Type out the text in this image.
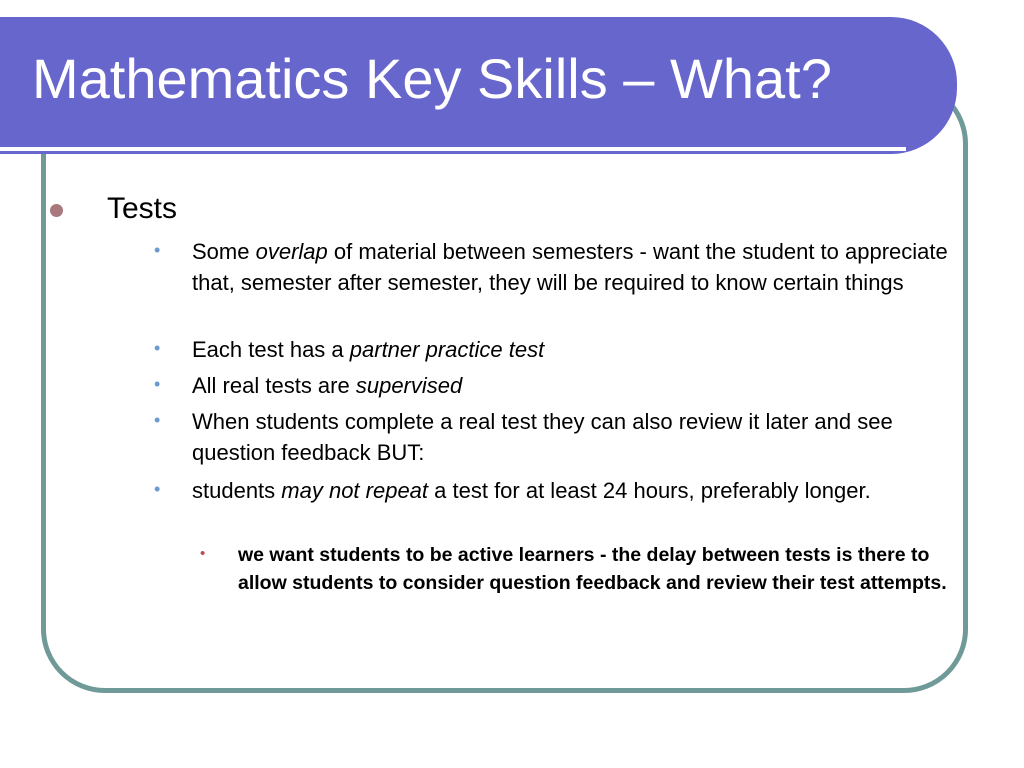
Mathematics Key Skills – What?
Tests
• Some overlap of material between semesters - want the student to appreciate that, semester after semester, they will be required to know certain things
• Each test has a partner practice test
• All real tests are supervised
• When students complete a real test they can also review it later and see question feedback BUT:
• students may not repeat a test for at least 24 hours, preferably longer.
• we want students to be active learners - the delay between tests is there to allow students to consider question feedback and review their test attempts.
